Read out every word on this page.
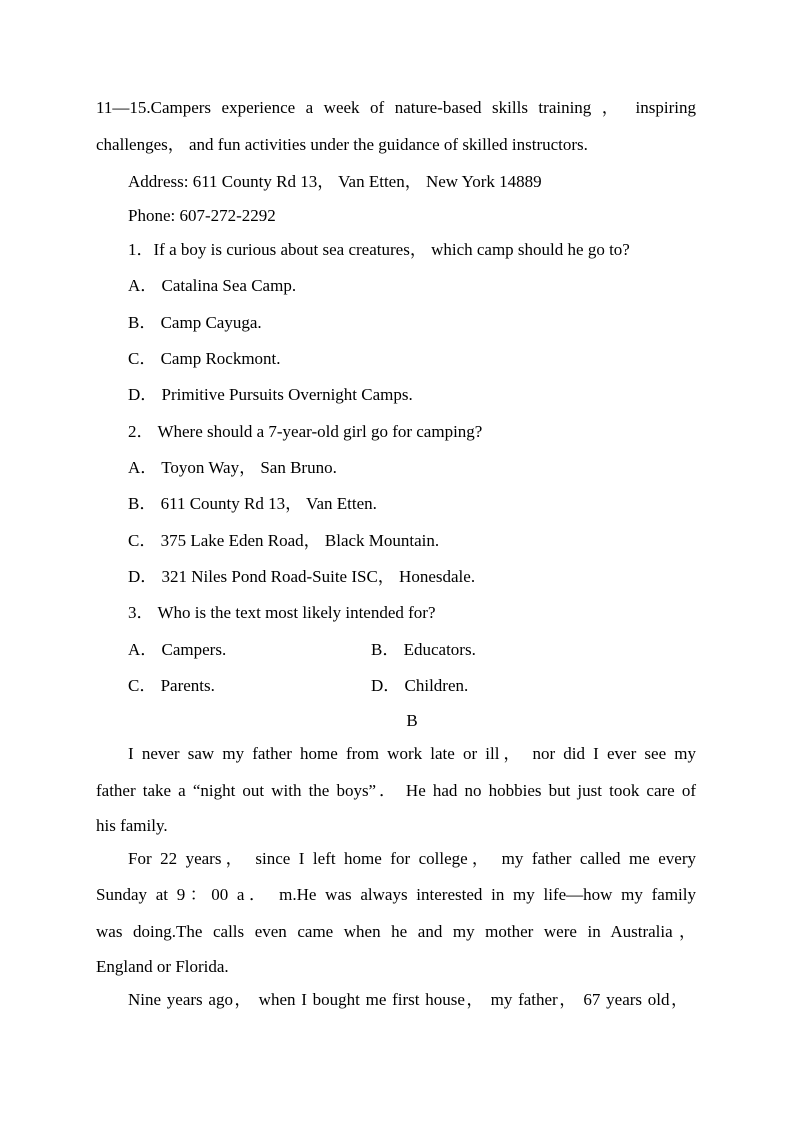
11—15.Campers experience a week of nature-based skills training ， inspiring
challenges， and fun activities under the guidance of skilled instructors.
Address: 611 County Rd 13， Van Etten， New York 14889
Phone: 607-272-2292
1．If a boy is curious about sea creatures， which camp should he go to?
A． Catalina Sea Camp.
B． Camp Cayuga.
C． Camp Rockmont.
D． Primitive Pursuits Overnight Camps.
2． Where should a 7-year-old girl go for camping?
A． Toyon Way， San Bruno.
B． 611 County Rd 13， Van Etten.
C． 375 Lake Eden Road， Black Mountain.
D． 321 Niles Pond Road-Suite ISC， Honesdale.
3． Who is the text most likely intended for?
A． Campers.	B． Educators.
C． Parents.	D． Children.
B
I never saw my father home from work late or ill， nor did I ever see my
father take a “night out with the boys”． He had no hobbies but just took care of
his family.
For 22 years， since I left home for college， my father called me every
Sunday at 9：00 a． m.He was always interested in my life—how my family
was doing.The calls even came when he and my mother were in Australia，
England or Florida.
Nine years ago， when I bought me first house， my father， 67 years old，
